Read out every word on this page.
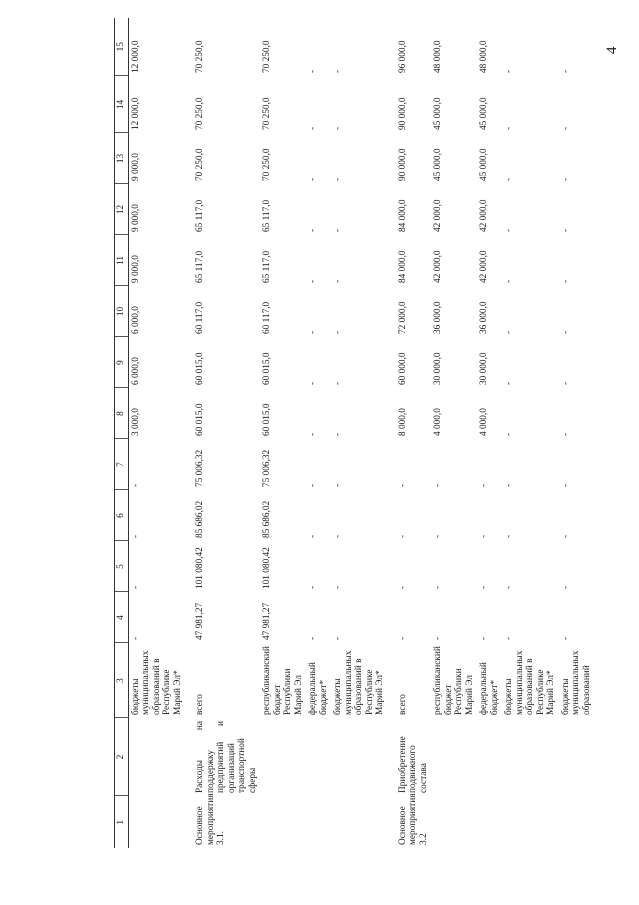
4
1	2	3	4	5	6	7	8	9	10	11	12	13	14	15
		бюджеты муниципальных образований в Республике Марий Эл*	-	-	-	-	3 000,0	6 000,0	6 000,0	9 000,0	9 000,0	9 000,0	12 000,0	12 000,0

Основное мероприятия 3.1.	Расходы на поддержку предприятий и организаций транспортной сферы	всего	47 981,27	101 080,42	85 686,02	75 006,32	60 015,0	60 015,0	60 117,0	65 117,0	65 117,0	70 250,0	70 250,0	70 250,0
		республиканский бюджет Республики Марий Эл	47 981,27	101 080,42	85 686,02	75 006,32	60 015,0	60 015,0	60 117,0	65 117,0	65 117,0	70 250,0	70 250,0	70 250,0
		федеральный бюджет*	-	-	-	-	-	-	-	-	-	-	-	-
		бюджеты муниципальных образований в Республике Марий Эл*	-	-	-	-	-	-	-	-	-	-	-	-

Основное мероприятия 3.2	Приобретение подвижного состава	всего	-	-	-	-	8 000,0	60 000,0	72 000,0	84 000,0	84 000,0	90 000,0	90 000,0	96 000,0
		республиканский бюджет Республики Марий Эл	-	-	-	-	4 000,0	30 000,0	36 000,0	42 000,0	42 000,0	45 000,0	45 000,0	48 000,0
		федеральный бюджет*	-	-	-	-	4 000,0	30 000,0	36 000,0	42 000,0	42 000,0	45 000,0	45 000,0	48 000,0
		бюджеты муниципальных образований в Республике Марий Эл*	-	-	-	-	-	-	-	-	-	-	-	-
		бюджеты муниципальных образований	-	-	-	-	-	-	-	-	-	-	-	-
